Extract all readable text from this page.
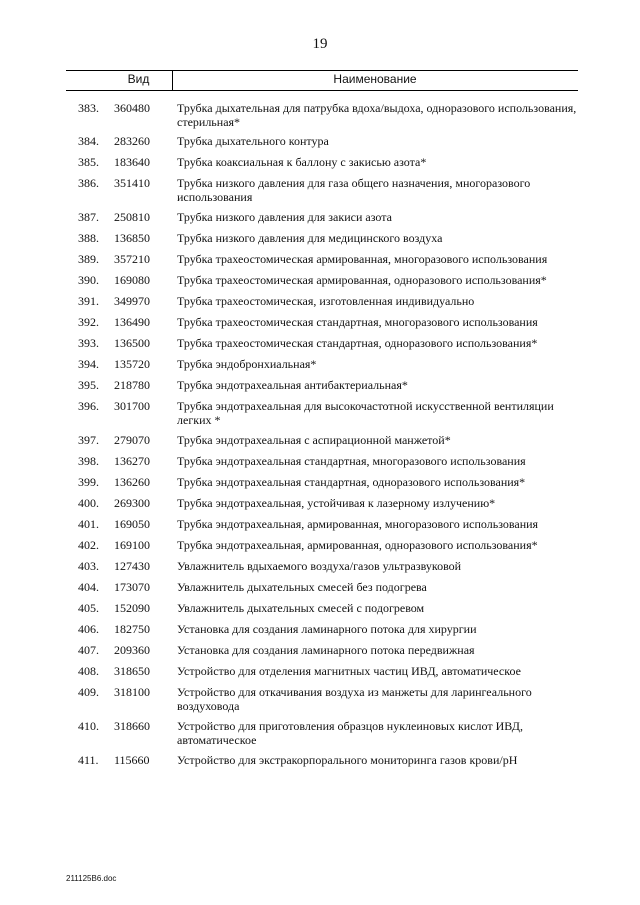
19
Вид	Наименование
383.	360480	Трубка дыхательная для патрубка вдоха/выдоха, одноразового использования, стерильная*
384.	283260	Трубка дыхательного контура
385.	183640	Трубка коаксиальная к баллону с закисью азота*
386.	351410	Трубка низкого давления для газа общего назначения, многоразового использования
387.	250810	Трубка низкого давления для закиси азота
388.	136850	Трубка низкого давления для медицинского воздуха
389.	357210	Трубка трахеостомическая армированная, многоразового использования
390.	169080	Трубка трахеостомическая армированная, одноразового использования*
391.	349970	Трубка трахеостомическая, изготовленная индивидуально
392.	136490	Трубка трахеостомическая стандартная, многоразового использования
393.	136500	Трубка трахеостомическая стандартная, одноразового использования*
394.	135720	Трубка эндобронхиальная*
395.	218780	Трубка эндотрахеальная антибактериальная*
396.	301700	Трубка эндотрахеальная для высокочастотной искусственной вентиляции легких *
397.	279070	Трубка эндотрахеальная с аспирационной манжетой*
398.	136270	Трубка эндотрахеальная стандартная, многоразового использования
399.	136260	Трубка эндотрахеальная стандартная, одноразового использования*
400.	269300	Трубка эндотрахеальная, устойчивая к лазерному излучению*
401.	169050	Трубка эндотрахеальная, армированная, многоразового использования
402.	169100	Трубка эндотрахеальная, армированная, одноразового использования*
403.	127430	Увлажнитель вдыхаемого воздуха/газов ультразвуковой
404.	173070	Увлажнитель дыхательных смесей без подогрева
405.	152090	Увлажнитель дыхательных смесей с подогревом
406.	182750	Установка для создания ламинарного потока для хирургии
407.	209360	Установка для создания ламинарного потока передвижная
408.	318650	Устройство для отделения магнитных частиц ИВД, автоматическое
409.	318100	Устройство для откачивания воздуха из манжеты для ларингеального воздуховода
410.	318660	Устройство для приготовления образцов нуклеиновых кислот ИВД, автоматическое
411.	115660	Устройство для экстракорпорального мониторинга газов крови/pH
211125В6.doc
